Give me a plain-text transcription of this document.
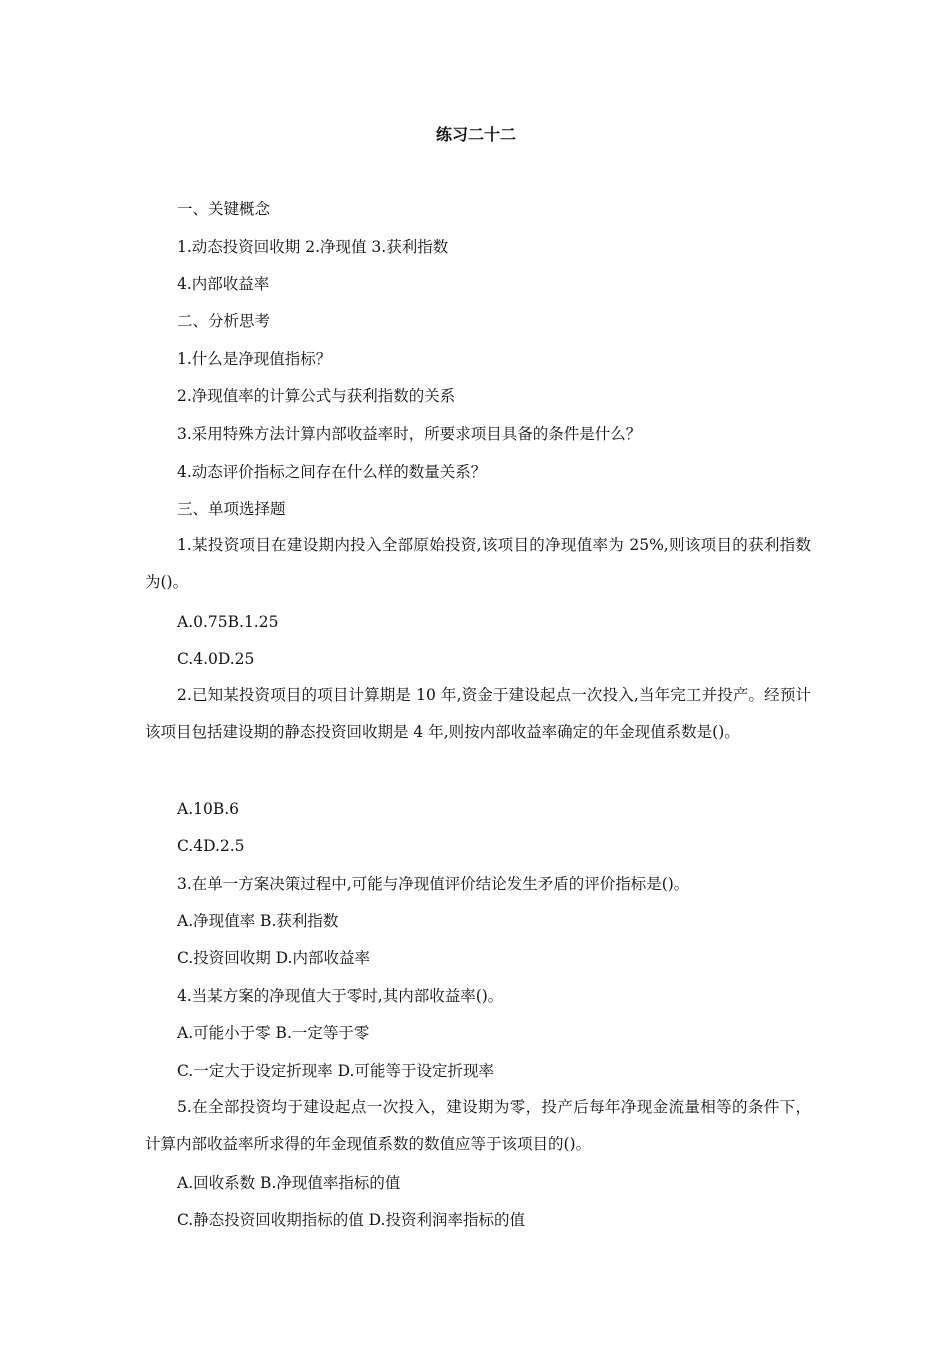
练习二十二
一、关键概念
1.动态投资回收期 2.净现值 3.获利指数
4.内部收益率
二、分析思考
1.什么是净现值指标？
2.净现值率的计算公式与获利指数的关系
3.采用特殊方法计算内部收益率时，所要求项目具备的条件是什么？
4.动态评价指标之间存在什么样的数量关系？
三、单项选择题
1.某投资项目在建设期内投入全部原始投资,该项目的净现值率为 25%,则该项目的获利指数为()。
A.0.75B.1.25
C.4.0D.25
2.已知某投资项目的项目计算期是 10 年,资金于建设起点一次投入,当年完工并投产。经预计该项目包括建设期的静态投资回收期是 4 年,则按内部收益率确定的年金现值系数是()。
A.10B.6
C.4D.2.5
3.在单一方案决策过程中,可能与净现值评价结论发生矛盾的评价指标是()。
A.净现值率 B.获利指数
C.投资回收期 D.内部收益率
4.当某方案的净现值大于零时,其内部收益率()。
A.可能小于零 B.一定等于零
C.一定大于设定折现率 D.可能等于设定折现率
5.在全部投资均于建设起点一次投入，建设期为零，投产后每年净现金流量相等的条件下，计算内部收益率所求得的年金现值系数的数值应等于该项目的()。
A.回收系数 B.净现值率指标的值
C.静态投资回收期指标的值 D.投资利润率指标的值
